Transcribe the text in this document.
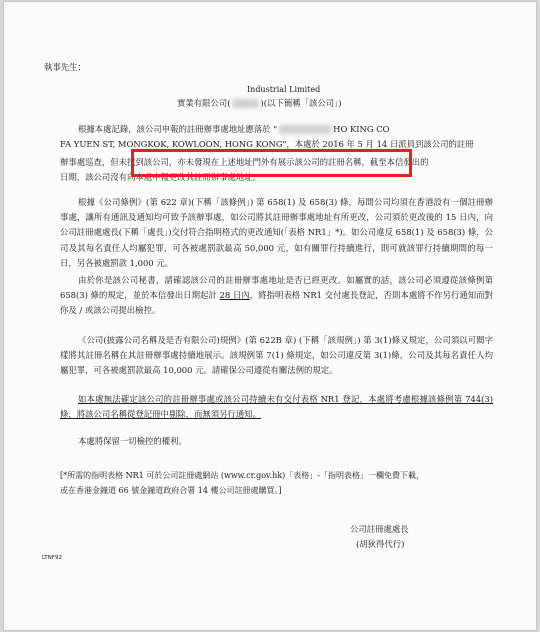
執事先生：
Industrial Limited
實業有限公司(	)(以下簡稱「該公司」)
根據本處記錄，該公司申報的註冊辦事處地址應落於 "	HO KING CO
FA YUEN ST, MONGKOK, KOWLOON, HONG KONG"，本處於 2016 年 5 月 14 日派員到該公司的註冊
辦事處巡查，但未找到該公司，亦未發現在上述地址門外有展示該公司的註冊名稱，截至本信發出的
日期，該公司沒有向本處申報更改其註冊辦事處地址。
根據《公司條例》(第 622 章)(下稱「該條例」) 第 658(1) 及 658(3) 條，每間公司均須在香港設有一個註冊辦事處，讓所有通訊及通知均可致予該辦事處，如公司將其註冊辦事處地址有所更改，公司須於更改後的 15 日內，向公司註冊處處長(下稱「處長」)交付符合指明格式的更改通知(「表格 NR1」*)。如公司違反 658(1) 及 658(3) 條，公司及其每名責任人均屬犯罪，可各被處罰款最高 50,000 元，如有關罪行持續進行，則可就該罪行持續期間的每一日，另各被處罰款 1,000 元。
由於你是該公司秘書，請確認該公司的註冊辦事處地址是否已經更改。如屬實的話，該公司必須遵從該條例第 658(3) 條的規定，並於本信發出日期起計 28 日內，將指明表格 NR1 交付處長登記，否則本處將不作另行通知而對你及 / 或該公司提出檢控。
《公司(披露公司名稱及是否有限公司)規例》(第 622B 章) (下稱「該規例」) 第 3(1)條又規定，公司須以可閱字樣將其註冊名稱在其註冊辦事處持續地展示。該規例第 7(1) 條規定，如公司違反第 3(1)條，公司及其每名責任人均屬犯罪，可各被處罰款最高 10,000 元。請確保公司遵從有關法例的規定。
如本處無法確定該公司的註冊辦事處或該公司持續未有交付表格 NR1 登記，本處將考慮根據該條例第 744(3) 條，將該公司名稱從登記冊中剔除，而無須另行通知。
本處將保留一切檢控的權利。
[*所需的指明表格 NR1 可於公司註冊處網站 (www.cr.gov.hk)「表格」-「指明表格」一欄免費下載，
或在香港金鐘道 66 號金鐘道政府合署 14 樓公司註冊處購買。]
公司註冊處處長
(胡狄得代行)
LTNF92
